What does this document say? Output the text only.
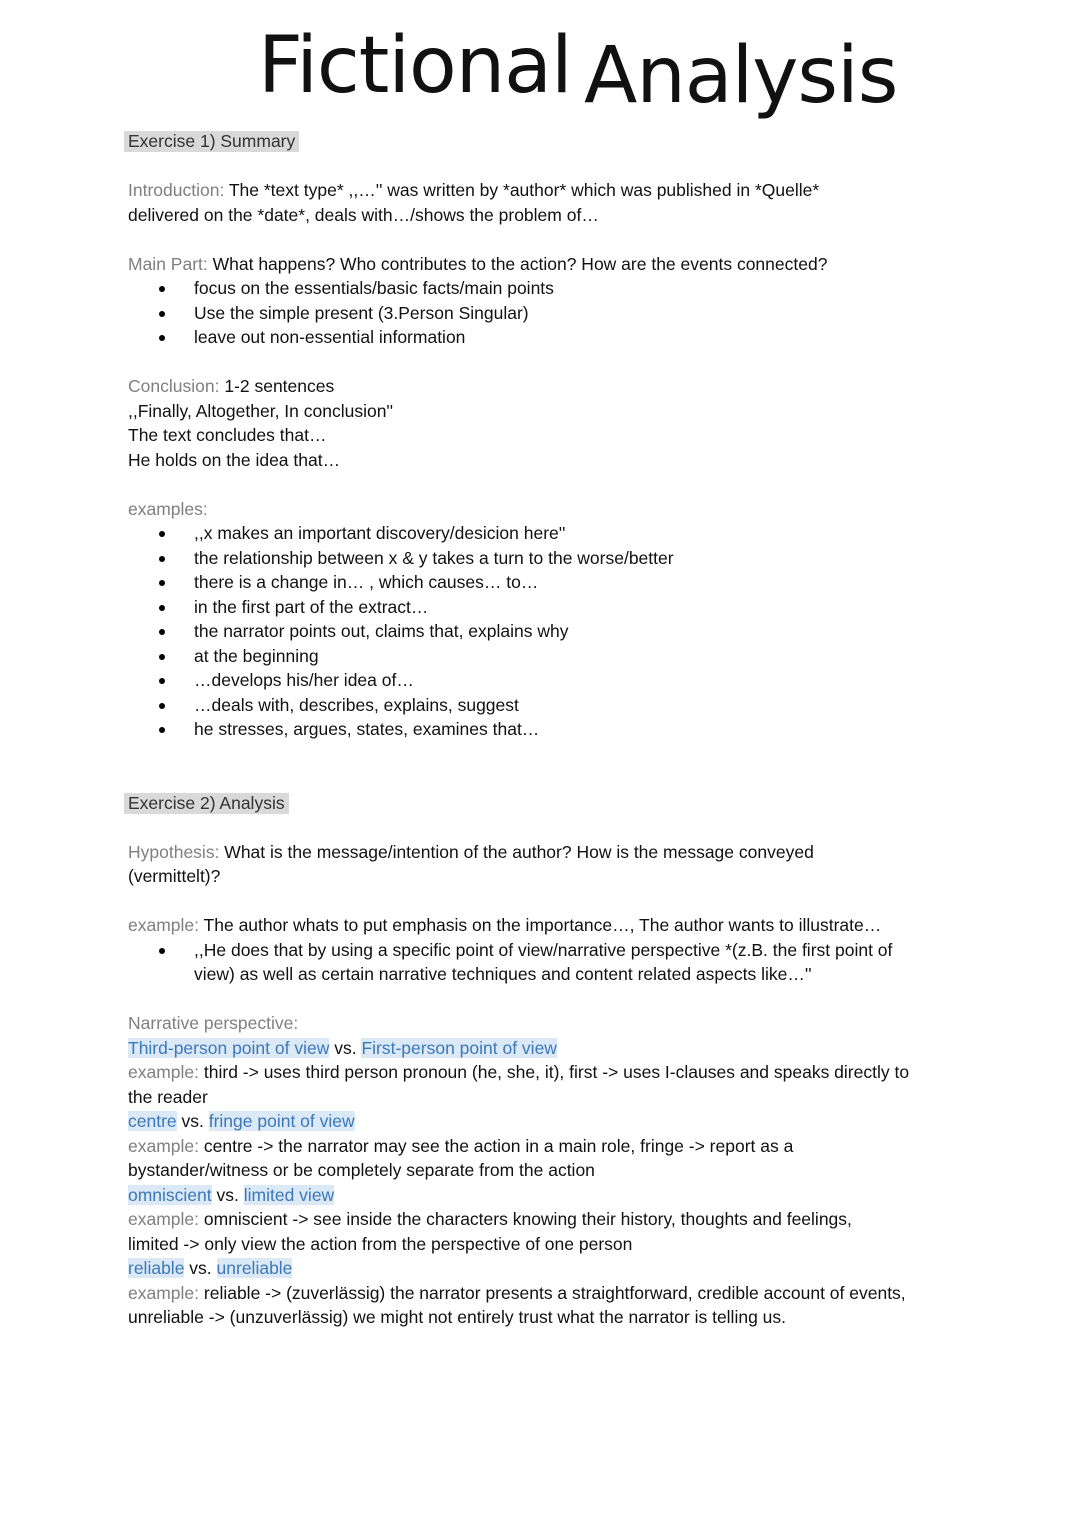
Fictional Analysis

Exercise 1) Summary

Introduction: The *text type* ,,…'' was written by *author* which was published in *Quelle*

delivered on the *date*, deals with…/shows the problem of…

Main Part: What happens? Who contributes to the action? How are the events connected?

focus on the essentials/basic facts/main points
Use the simple present (3.Person Singular)
leave out non-essential information

Conclusion: 1-2 sentences

,,Finally, Altogether, In conclusion''

The text concludes that…

He holds on the idea that…

examples:

,,x makes an important discovery/desicion here''
the relationship between x & y takes a turn to the worse/better
there is a change in… , which causes… to…
in the first part of the extract…
the narrator points out, claims that, explains why
at the beginning
…develops his/her idea of…
…deals with, describes, explains, suggest
he stresses, argues, states, examines that…

Exercise 2) Analysis

Hypothesis: What is the message/intention of the author? How is the message conveyed

(vermittelt)?

example: The author whats to put emphasis on the importance…, The author wants to illustrate…

,,He does that by using a specific point of view/narrative perspective *(z.B. the first point of
view) as well as certain narrative techniques and content related aspects like…''

Narrative perspective:

Third-person point of view vs. First-person point of view

example: third -> uses third person pronoun (he, she, it), first -> uses I-clauses and speaks directly to

the reader

centre vs. fringe point of view

example: centre -> the narrator may see the action in a main role, fringe -> report as a

bystander/witness or be completely separate from the action

omniscient vs. limited view

example: omniscient -> see inside the characters knowing their history, thoughts and feelings,

limited -> only view the action from the perspective of one person

reliable vs. unreliable

example: reliable -> (zuverlässig) the narrator presents a straightforward, credible account of events,

unreliable -> (unzuverlässig) we might not entirely trust what the narrator is telling us.
